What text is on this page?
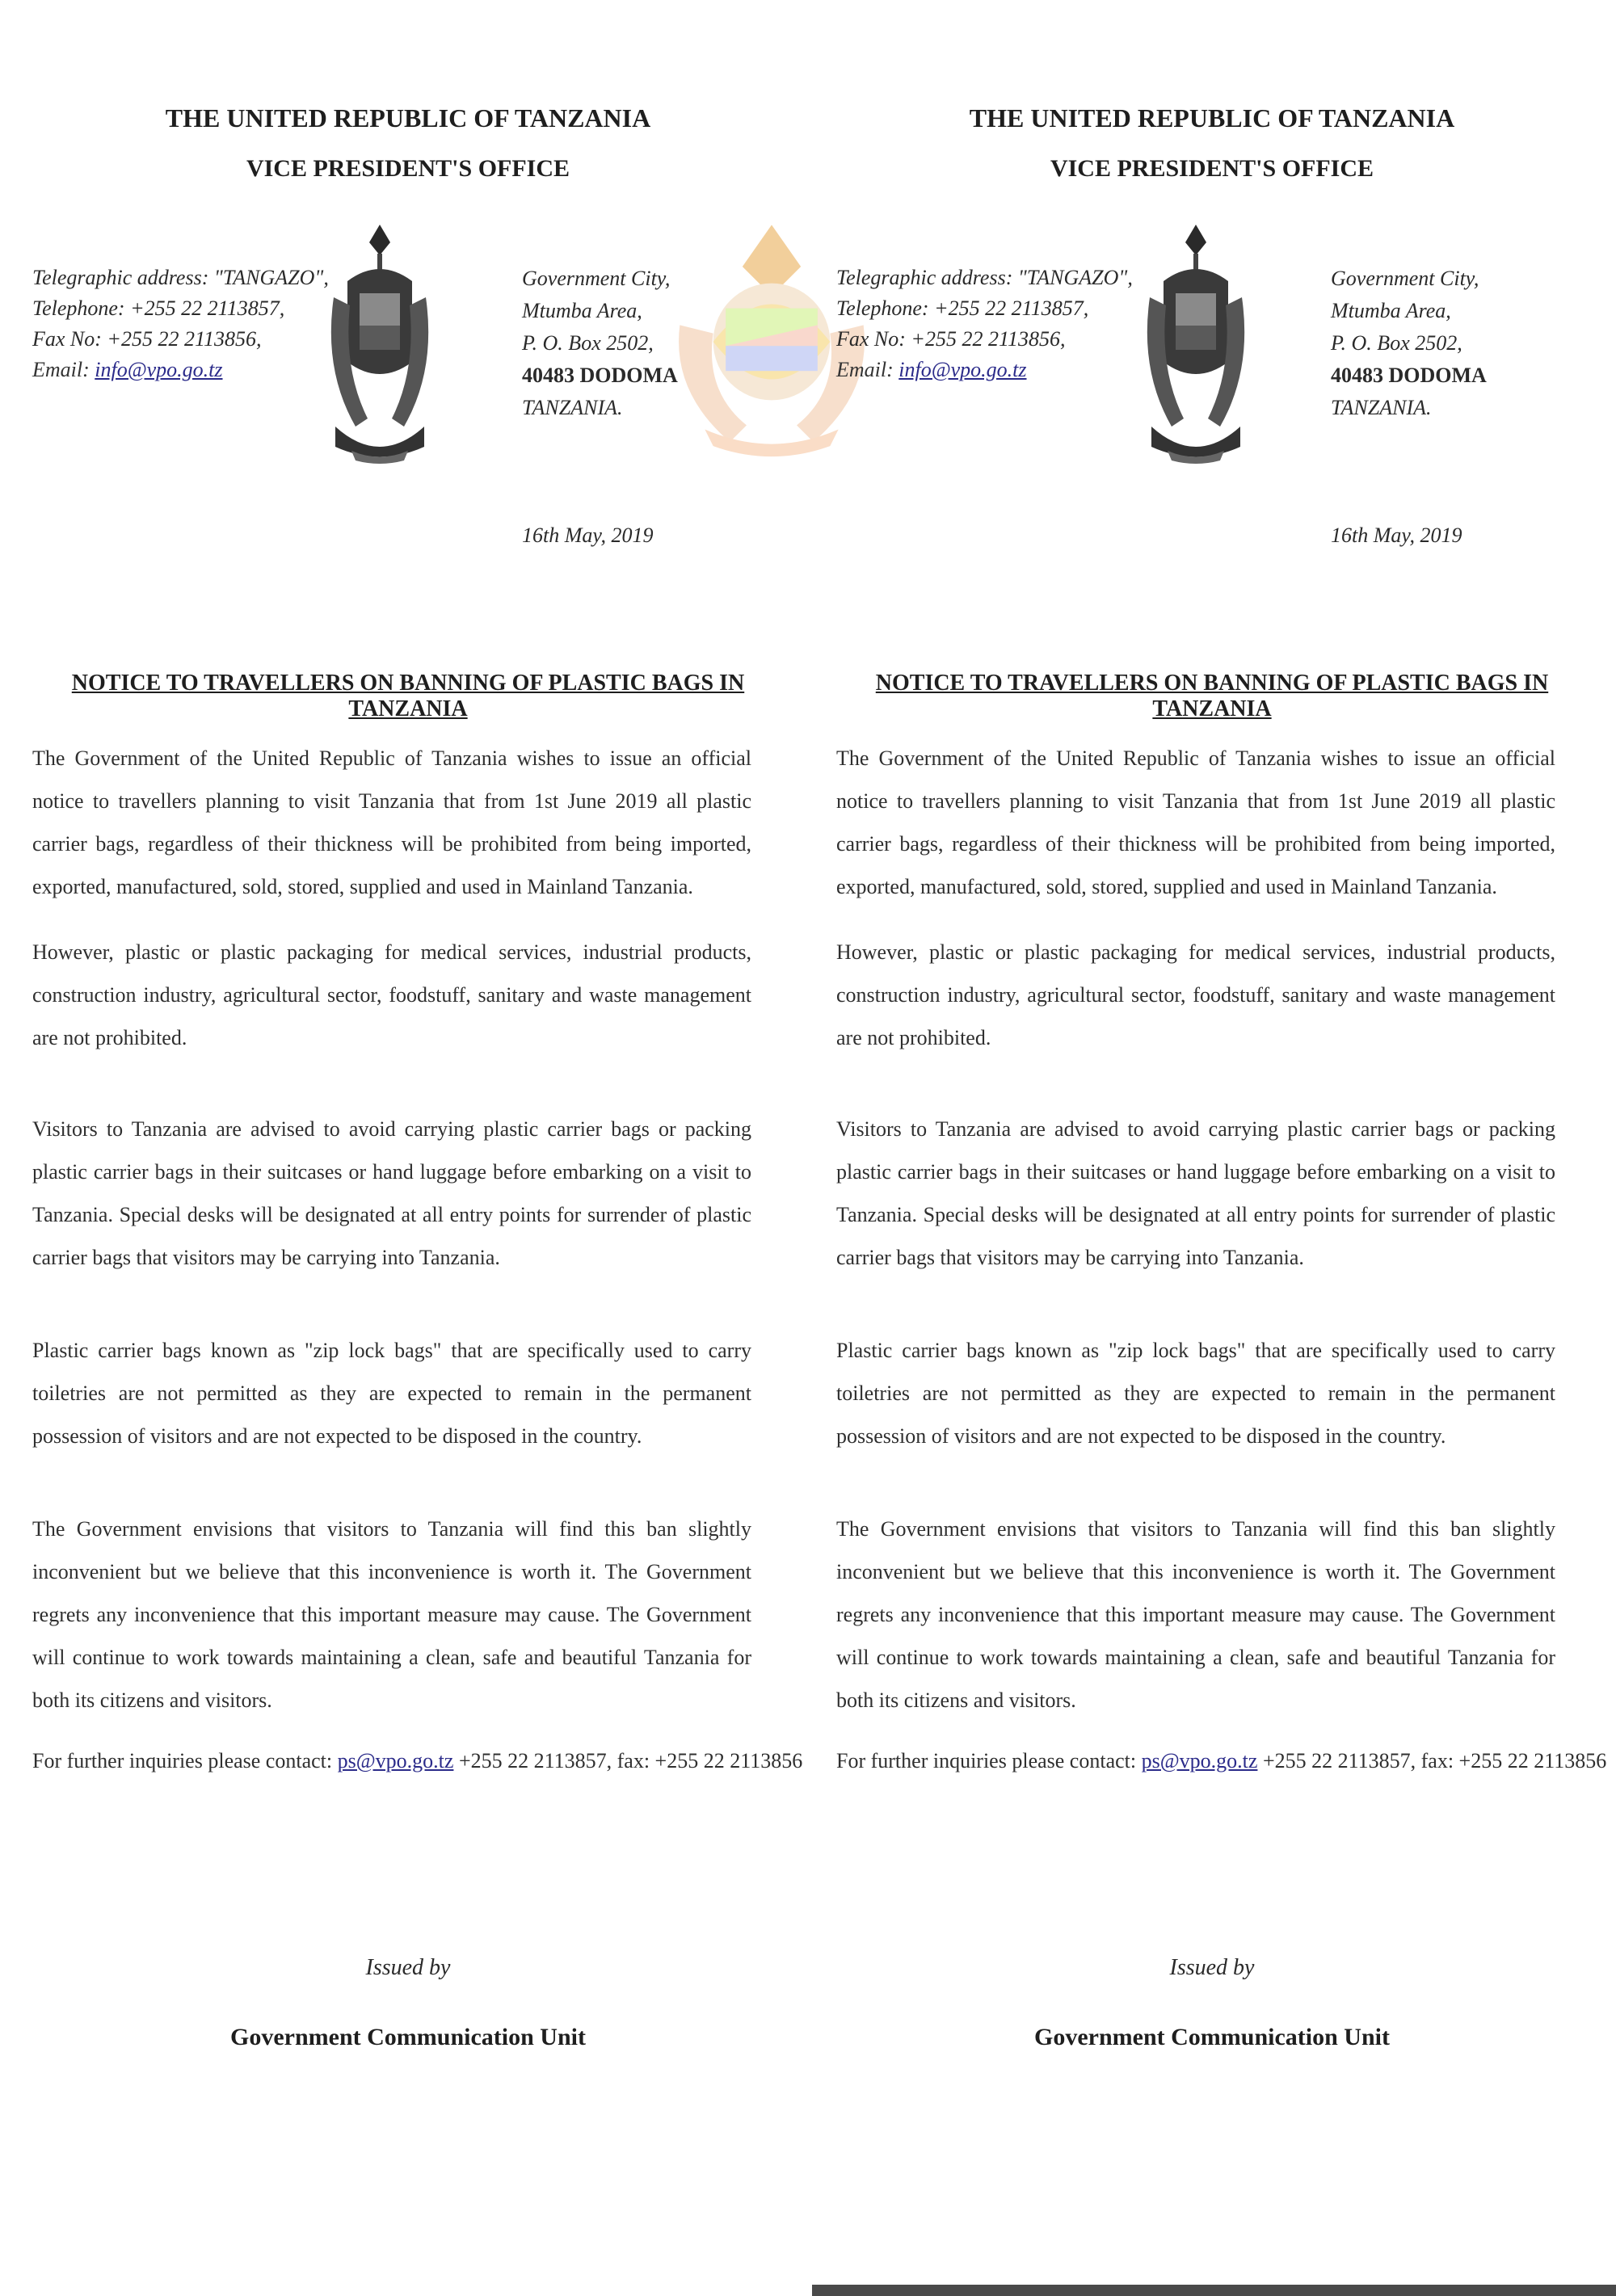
THE UNITED REPUBLIC OF TANZANIA
VICE PRESIDENT'S OFFICE
Telegraphic address: "TANGAZO",
Telephone: +255 22 2113857,
Fax No: +255 22 2113856,
Email: info@vpo.go.tz
Government City,
Mtumba Area,
P. O. Box 2502,
40483 DODOMA
TANZANIA.
16th May, 2019
NOTICE TO TRAVELLERS ON BANNING OF PLASTIC BAGS IN TANZANIA

The Government of the United Republic of Tanzania wishes to issue an official notice to travellers planning to visit Tanzania that from 1st June 2019 all plastic carrier bags, regardless of their thickness will be prohibited from being imported, exported, manufactured, sold, stored, supplied and used in Mainland Tanzania.

However, plastic or plastic packaging for medical services, industrial products, construction industry, agricultural sector, foodstuff, sanitary and waste management are not prohibited.

Visitors to Tanzania are advised to avoid carrying plastic carrier bags or packing plastic carrier bags in their suitcases or hand luggage before embarking on a visit to Tanzania. Special desks will be designated at all entry points for surrender of plastic carrier bags that visitors may be carrying into Tanzania.

Plastic carrier bags known as "zip lock bags" that are specifically used to carry toiletries are not permitted as they are expected to remain in the permanent possession of visitors and are not expected to be disposed in the country.

The Government envisions that visitors to Tanzania will find this ban slightly inconvenient but we believe that this inconvenience is worth it. The Government regrets any inconvenience that this important measure may cause. The Government will continue to work towards maintaining a clean, safe and beautiful Tanzania for both its citizens and visitors.

For further inquiries please contact: ps@vpo.go.tz +255 22 2113857, fax: +255 22 2113856

Issued by
Government Communication Unit
THE UNITED REPUBLIC OF TANZANIA
VICE PRESIDENT'S OFFICE
Telegraphic address: "TANGAZO",
Telephone: +255 22 2113857,
Fax No: +255 22 2113856,
Email: info@vpo.go.tz
Government City,
Mtumba Area,
P. O. Box 2502,
40483 DODOMA
TANZANIA.
16th May, 2019
NOTICE TO TRAVELLERS ON BANNING OF PLASTIC BAGS IN TANZANIA

The Government of the United Republic of Tanzania wishes to issue an official notice to travellers planning to visit Tanzania that from 1st June 2019 all plastic carrier bags, regardless of their thickness will be prohibited from being imported, exported, manufactured, sold, stored, supplied and used in Mainland Tanzania.

However, plastic or plastic packaging for medical services, industrial products, construction industry, agricultural sector, foodstuff, sanitary and waste management are not prohibited.

Visitors to Tanzania are advised to avoid carrying plastic carrier bags or packing plastic carrier bags in their suitcases or hand luggage before embarking on a visit to Tanzania. Special desks will be designated at all entry points for surrender of plastic carrier bags that visitors may be carrying into Tanzania.

Plastic carrier bags known as "zip lock bags" that are specifically used to carry toiletries are not permitted as they are expected to remain in the permanent possession of visitors and are not expected to be disposed in the country.

The Government envisions that visitors to Tanzania will find this ban slightly inconvenient but we believe that this inconvenience is worth it. The Government regrets any inconvenience that this important measure may cause. The Government will continue to work towards maintaining a clean, safe and beautiful Tanzania for both its citizens and visitors.

For further inquiries please contact: ps@vpo.go.tz +255 22 2113857, fax: +255 22 2113856

Issued by
Government Communication Unit
